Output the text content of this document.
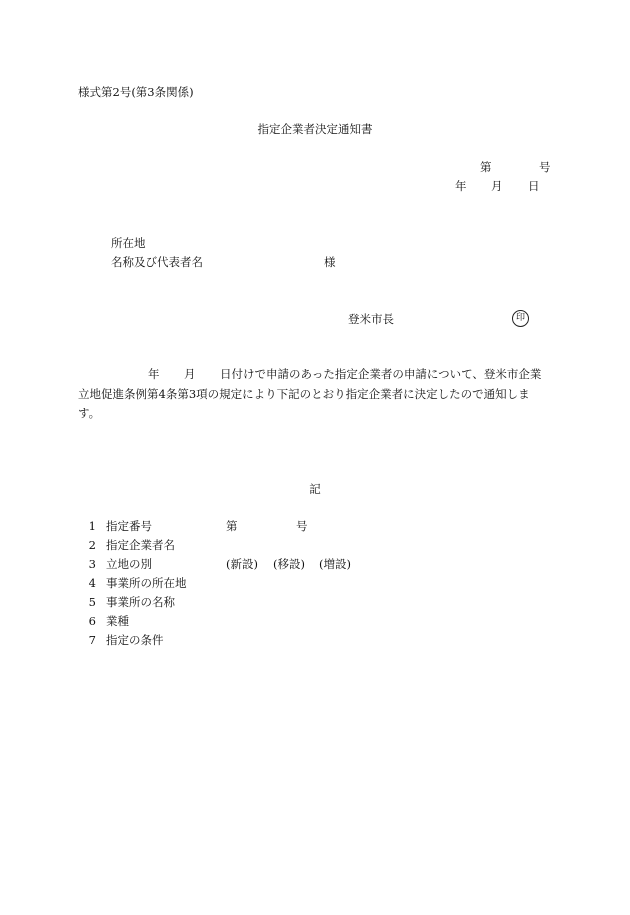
様式第2号(第3条関係)
指定企業者決定通知書
第	号
年 月 日
所在地
名称及び代表者名	様
登米市長	印
年 月 日付けで申請のあった指定企業者の申請について、登米市企業
立地促進条例第4条第3項の規定により下記のとおり指定企業者に決定したので通知しま
す。
記
1 指定番号	第	号
2 指定企業者名
3 立地の別	(新設) (移設) (増設)
4 事業所の所在地
5 事業所の名称
6 業種
7 指定の条件
